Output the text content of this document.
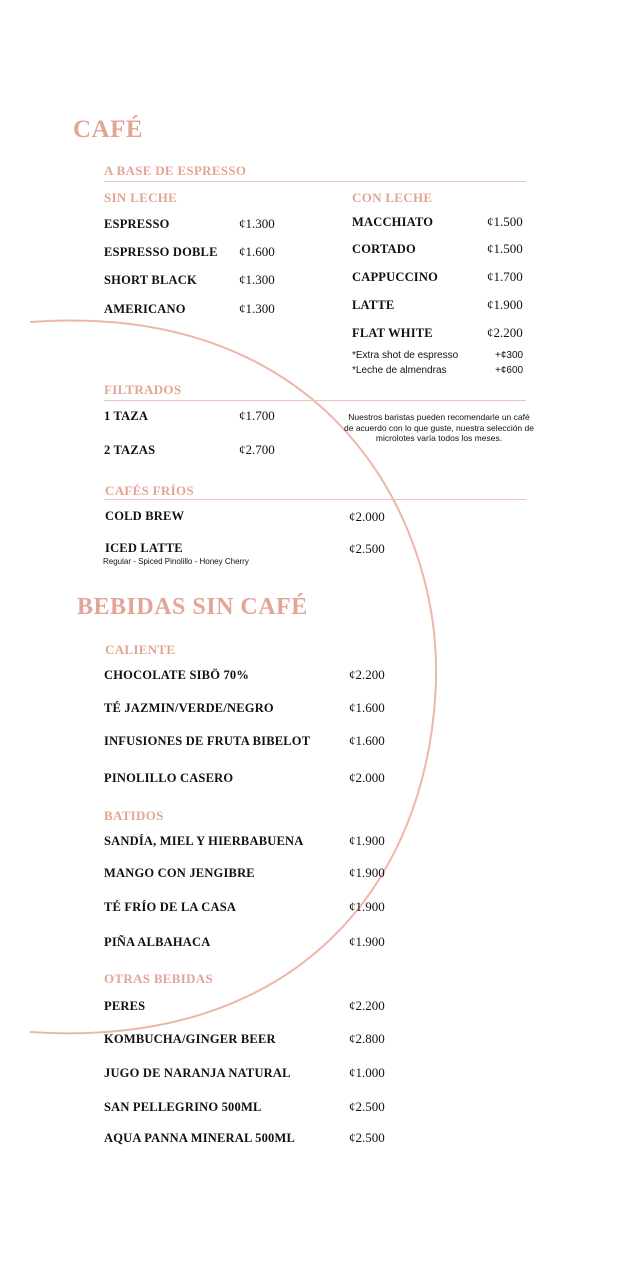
CAFÉ
A BASE DE ESPRESSO
SIN LECHE	CON LECHE
ESPRESSO	¢1.300
ESPRESSO DOBLE ¢1.600
SHORT BLACK	¢1.300
AMERICANO	¢1.300
MACCHIATO	¢1.500
CORTADO	¢1.500
CAPPUCCINO	¢1.700
LATTE	¢1.900
FLAT WHITE	¢2.200
*Extra shot de espresso	+¢300
*Leche de almendras	+¢600
FILTRADOS
1 TAZA	¢1.700
2 TAZAS	¢2.700
Nuestros baristas pueden recomendarle un café de acuerdo con lo que guste, nuestra selección de microlotes varía todos los meses.
CAFÉS FRÍOS
COLD BREW	¢2.000
ICED LATTE	¢2.500
Regular - Spiced Pinolillo - Honey Cherry
BEBIDAS SIN CAFÉ
CALIENTE
CHOCOLATE SIBÖ 70%	¢2.200
TÉ JAZMIN/VERDE/NEGRO	¢1.600
INFUSIONES DE FRUTA BIBELOT	¢1.600
PINOLILLO CASERO	¢2.000
BATIDOS
SANDÍA, MIEL Y HIERBABUENA	¢1.900
MANGO CON JENGIBRE	¢1.900
TÉ FRÍO DE LA CASA	¢1.900
PIÑA ALBAHACA	¢1.900
OTRAS BEBIDAS
PERES	¢2.200
KOMBUCHA/GINGER BEER	¢2.800
JUGO DE NARANJA NATURAL	¢1.000
SAN PELLEGRINO 500ML	¢2.500
AQUA PANNA MINERAL 500ML	¢2.500
